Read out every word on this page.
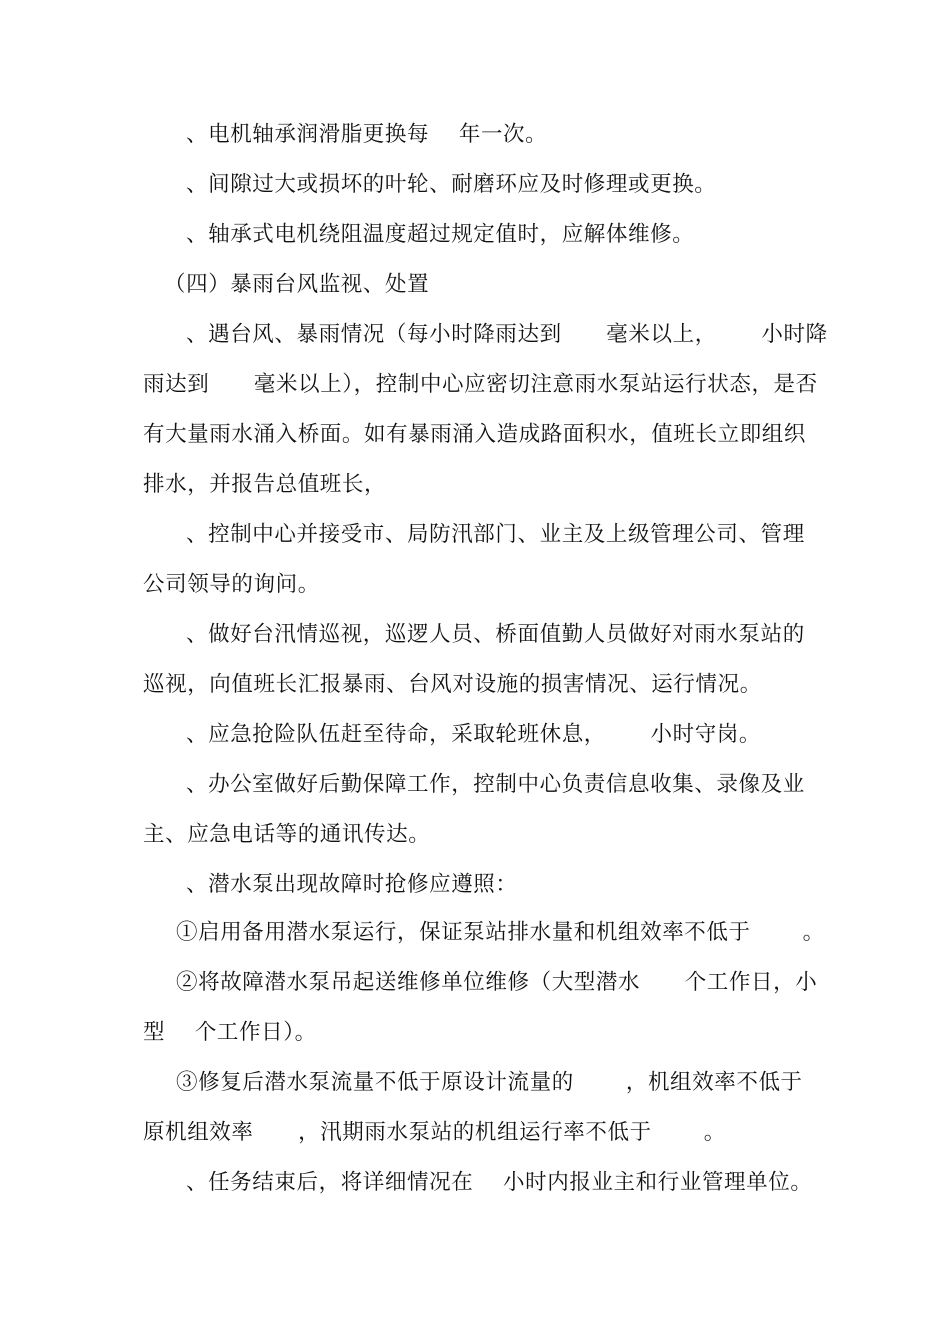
、电机轴承润滑脂更换每    年一次。
、间隙过大或损坏的叶轮、耐磨环应及时修理或更换。
、轴承式电机绕阻温度超过规定值时，应解体维修。
（四）暴雨台风监视、处置
、遇台风、暴雨情况（每小时降雨达到      毫米以上，      小时降
雨达到      毫米以上），控制中心应密切注意雨水泵站运行状态，是否
有大量雨水涌入桥面。如有暴雨涌入造成路面积水，值班长立即组织
排水，并报告总值班长，
、控制中心并接受市、局防汛部门、业主及上级管理公司、管理
公司领导的询问。
、做好台汛情巡视，巡逻人员、桥面值勤人员做好对雨水泵站的
巡视，向值班长汇报暴雨、台风对设施的损害情况、运行情况。
、应急抢险队伍赶至待命，采取轮班休息，      小时守岗。
、办公室做好后勤保障工作，控制中心负责信息收集、录像及业
主、应急电话等的通讯传达。
、潜水泵出现故障时抢修应遵照：
①启用备用潜水泵运行，保证泵站排水量和机组效率不低于       。
②将故障潜水泵吊起送维修单位维修（大型潜水      个工作日，小
型    个工作日）。
③修复后潜水泵流量不低于原设计流量的       ，机组效率不低于
原机组效率      ，汛期雨水泵站的机组运行率不低于       。
、任务结束后，将详细情况在    小时内报业主和行业管理单位。
